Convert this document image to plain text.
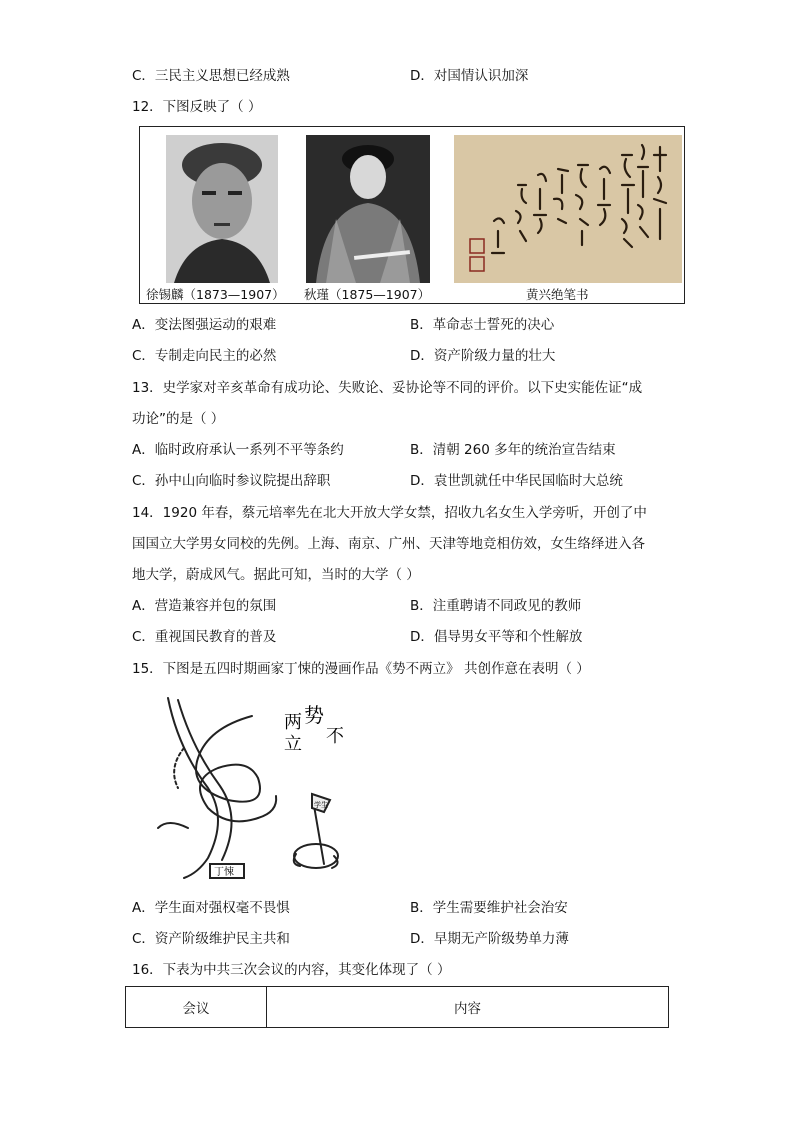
C．三民主义思想已经成熟	D．对国情认识加深
12．下图反映了（ ）
徐锡麟（1873—1907） 秋瑾（1875—1907）	黄兴绝笔书
A．变法图强运动的艰难	B．革命志士誓死的决心
C．专制走向民主的必然	D．资产阶级力量的壮大
13．史学家对辛亥革命有成功论、失败论、妥协论等不同的评价。以下史实能佐证“成
功论”的是（ ）
A．临时政府承认一系列不平等条约	B．清朝 260 多年的统治宣告结束
C．孙中山向临时参议院提出辞职	D．袁世凯就任中华民国临时大总统
14．1920 年春，蔡元培率先在北大开放大学女禁，招收九名女生入学旁听，开创了中
国国立大学男女同校的先例。上海、南京、广州、天津等地竞相仿效，女生络绎进入各
地大学，蔚成风气。据此可知，当时的大学（ ）
A．营造兼容并包的氛围	B．注重聘请不同政见的教师
C．重视国民教育的普及	D．倡导男女平等和个性解放
15．下图是五四时期画家丁悚的漫画作品《势不两立》 共创作意在表明（ ）
势
不
两
立
学生
丁悚
A．学生面对强权毫不畏惧	B．学生需要维护社会治安
C．资产阶级维护民主共和	D．早期无产阶级势单力薄
16．下表为中共三次会议的内容，其变化体现了（ ）
会议	内容
